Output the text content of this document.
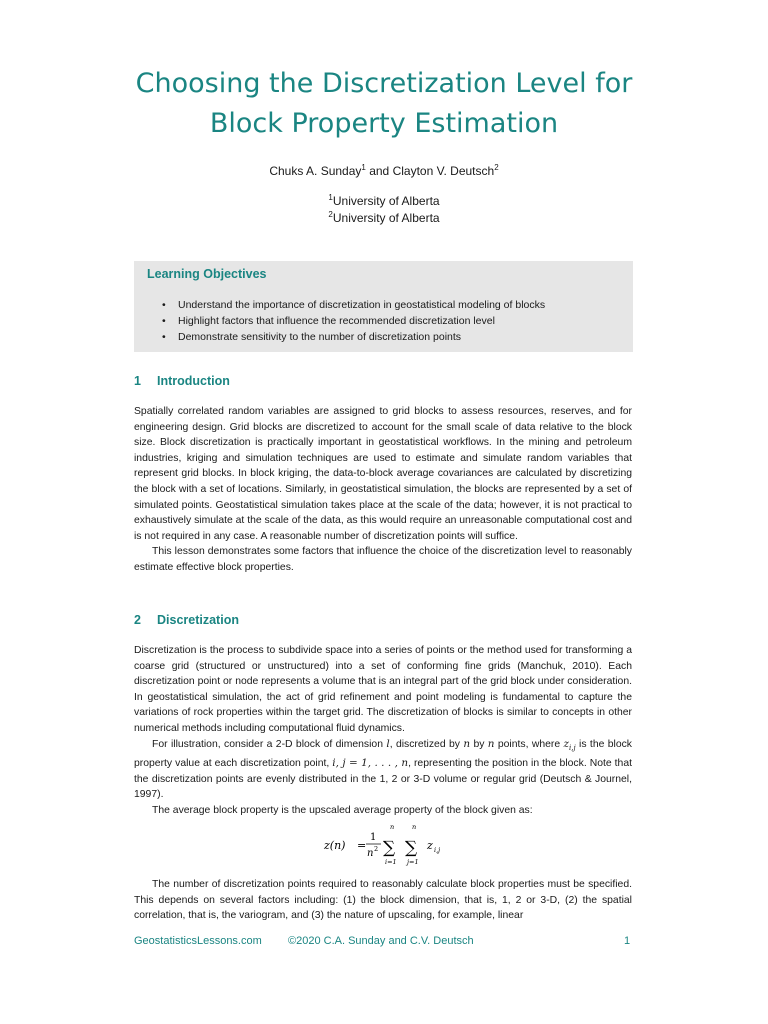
Choosing the Discretization Level for
Block Property Estimation
Chuks A. Sunday$^1$ and Clayton V. Deutsch$^2$
$^1$University of Alberta
$^2$University of Alberta
Learning Objectives
• Understand the importance of discretization in geostatistical modeling of blocks
• Highlight factors that influence the recommended discretization level
• Demonstrate sensitivity to the number of discretization points
1 Introduction

Spatially correlated random variables are assigned to grid blocks to assess resources, reserves, and for engineering design. Grid blocks are discretized to account for the small scale of data relative to the block size. Block discretization is practically important in geostatistical workflows. In the mining and petroleum industries, kriging and simulation techniques are used to estimate and simulate random variables that represent grid blocks. In block kriging, the data-to-block average covariances are calculated by discretizing the block with a set of locations. Similarly, in geostatistical simulation, the blocks are represented by a set of simulated points. Geostatistical simulation takes place at the scale of the data; however, it is not practical to exhaustively simulate at the scale of the data, as this would require an unreasonable computational cost and is not required in any case. A reasonable number of discretization points will suffice.

This lesson demonstrates some factors that influence the choice of the discretization level to reasonably estimate effective block properties.

2 Discretization

Discretization is the process to subdivide space into a series of points or the method used for transforming a coarse grid (structured or unstructured) into a set of conforming fine grids (Manchuk, 2010). Each discretization point or node represents a volume that is an integral part of the grid block under consideration. In geostatistical simulation, the act of grid refinement and point modeling is fundamental to capture the variations of rock properties within the target grid. The discretization of blocks is similar to concepts in other numerical methods including computational fluid dynamics.

For illustration, consider a 2-D block of dimension l, discretized by n by n points, where $z_{i,j}$ is the block property value at each discretization point, i, j = 1, . . . , n, representing the position in the block. Note that the discretization points are evenly distributed in the 1, 2 or 3-D volume or regular grid (Deutsch & Journel, 1997).

The average block property is the upscaled average property of the block given as:

z(n) =
1
n 2
n
∑
i=1
n
∑
j=1
z i,j

The number of discretization points required to reasonably calculate block properties must be specified. This depends on several factors including: (1) the block dimension, that is, 1, 2 or 3-D, (2) the spatial correlation, that is, the variogram, and (3) the nature of upscaling, for example, linear

GeostatisticsLessons.com ©2020 C.A. Sunday and C.V. Deutsch	1
